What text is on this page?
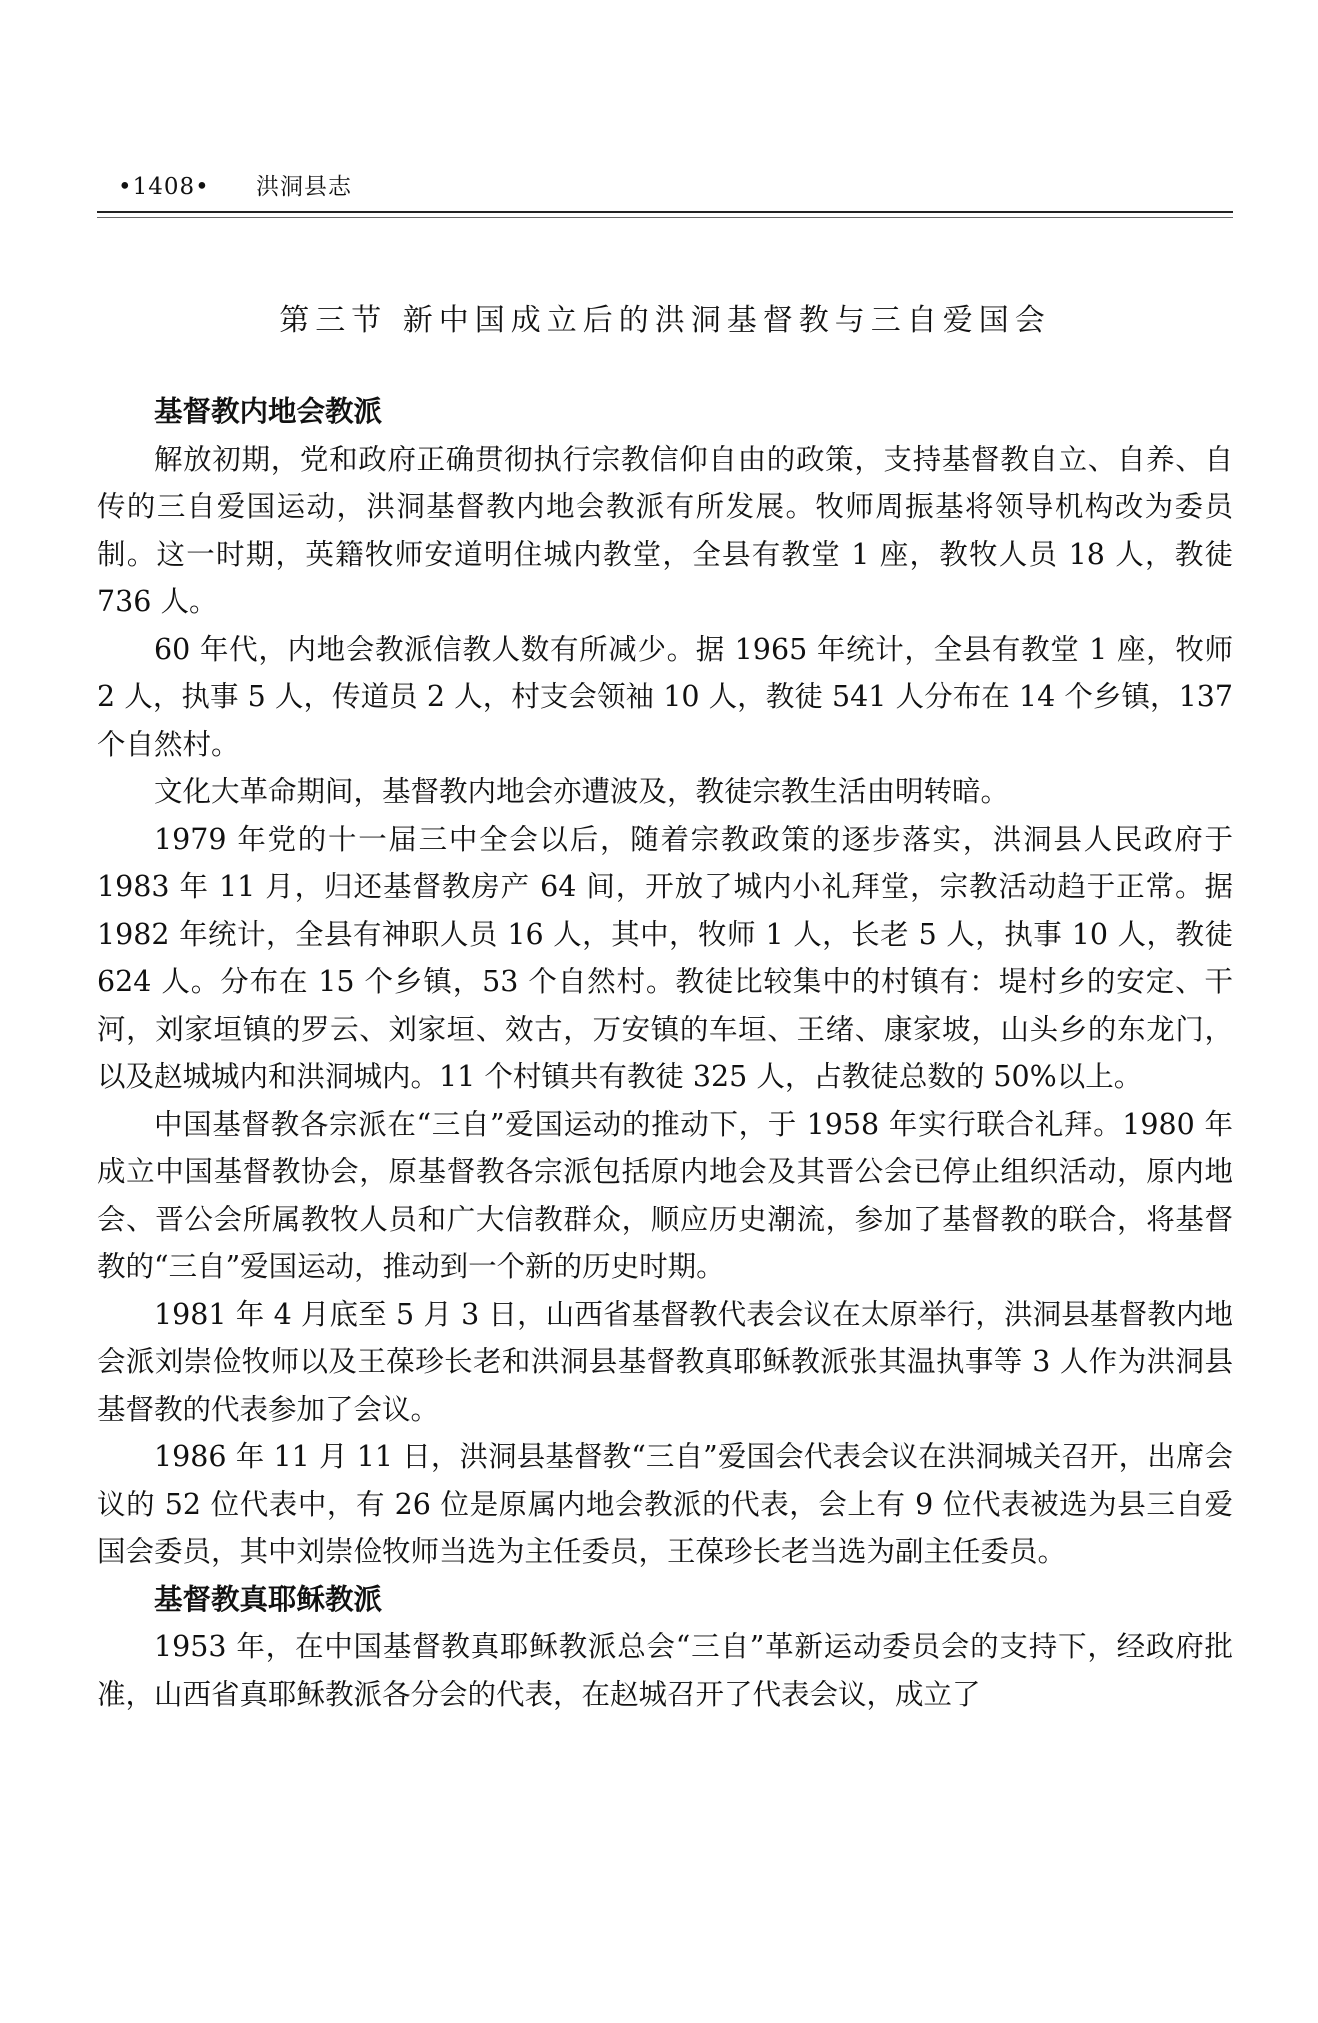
•1408• 洪洞县志
第三节 新中国成立后的洪洞基督教与三自爱国会
基督教内地会教派

解放初期，党和政府正确贯彻执行宗教信仰自由的政策，支持基督教自立、自养、自传的三自爱国运动，洪洞基督教内地会教派有所发展。牧师周振基将领导机构改为委员制。这一时期，英籍牧师安道明住城内教堂，全县有教堂 1 座，教牧人员 18 人，教徒 736 人。

60 年代，内地会教派信教人数有所减少。据 1965 年统计，全县有教堂 1 座，牧师 2 人，执事 5 人，传道员 2 人，村支会领袖 10 人，教徒 541 人分布在 14 个乡镇，137 个自然村。

文化大革命期间，基督教内地会亦遭波及，教徒宗教生活由明转暗。

1979 年党的十一届三中全会以后，随着宗教政策的逐步落实，洪洞县人民政府于 1983 年 11 月，归还基督教房产 64 间，开放了城内小礼拜堂，宗教活动趋于正常。据 1982 年统计，全县有神职人员 16 人，其中，牧师 1 人，长老 5 人，执事 10 人，教徒 624 人。分布在 15 个乡镇，53 个自然村。教徒比较集中的村镇有：堤村乡的安定、干河，刘家垣镇的罗云、刘家垣、效古，万安镇的车垣、王绪、康家坡，山头乡的东龙门，以及赵城城内和洪洞城内。11 个村镇共有教徒 325 人，占教徒总数的 50%以上。

中国基督教各宗派在“三自”爱国运动的推动下，于 1958 年实行联合礼拜。1980 年成立中国基督教协会，原基督教各宗派包括原内地会及其晋公会已停止组织活动，原内地会、晋公会所属教牧人员和广大信教群众，顺应历史潮流，参加了基督教的联合，将基督教的“三自”爱国运动，推动到一个新的历史时期。

1981 年 4 月底至 5 月 3 日，山西省基督教代表会议在太原举行，洪洞县基督教内地会派刘崇俭牧师以及王葆珍长老和洪洞县基督教真耶稣教派张其温执事等 3 人作为洪洞县基督教的代表参加了会议。

1986 年 11 月 11 日，洪洞县基督教“三自”爱国会代表会议在洪洞城关召开，出席会议的 52 位代表中，有 26 位是原属内地会教派的代表，会上有 9 位代表被选为县三自爱国会委员，其中刘崇俭牧师当选为主任委员，王葆珍长老当选为副主任委员。

基督教真耶稣教派

1953 年，在中国基督教真耶稣教派总会“三自”革新运动委员会的支持下，经政府批准，山西省真耶稣教派各分会的代表，在赵城召开了代表会议，成立了
